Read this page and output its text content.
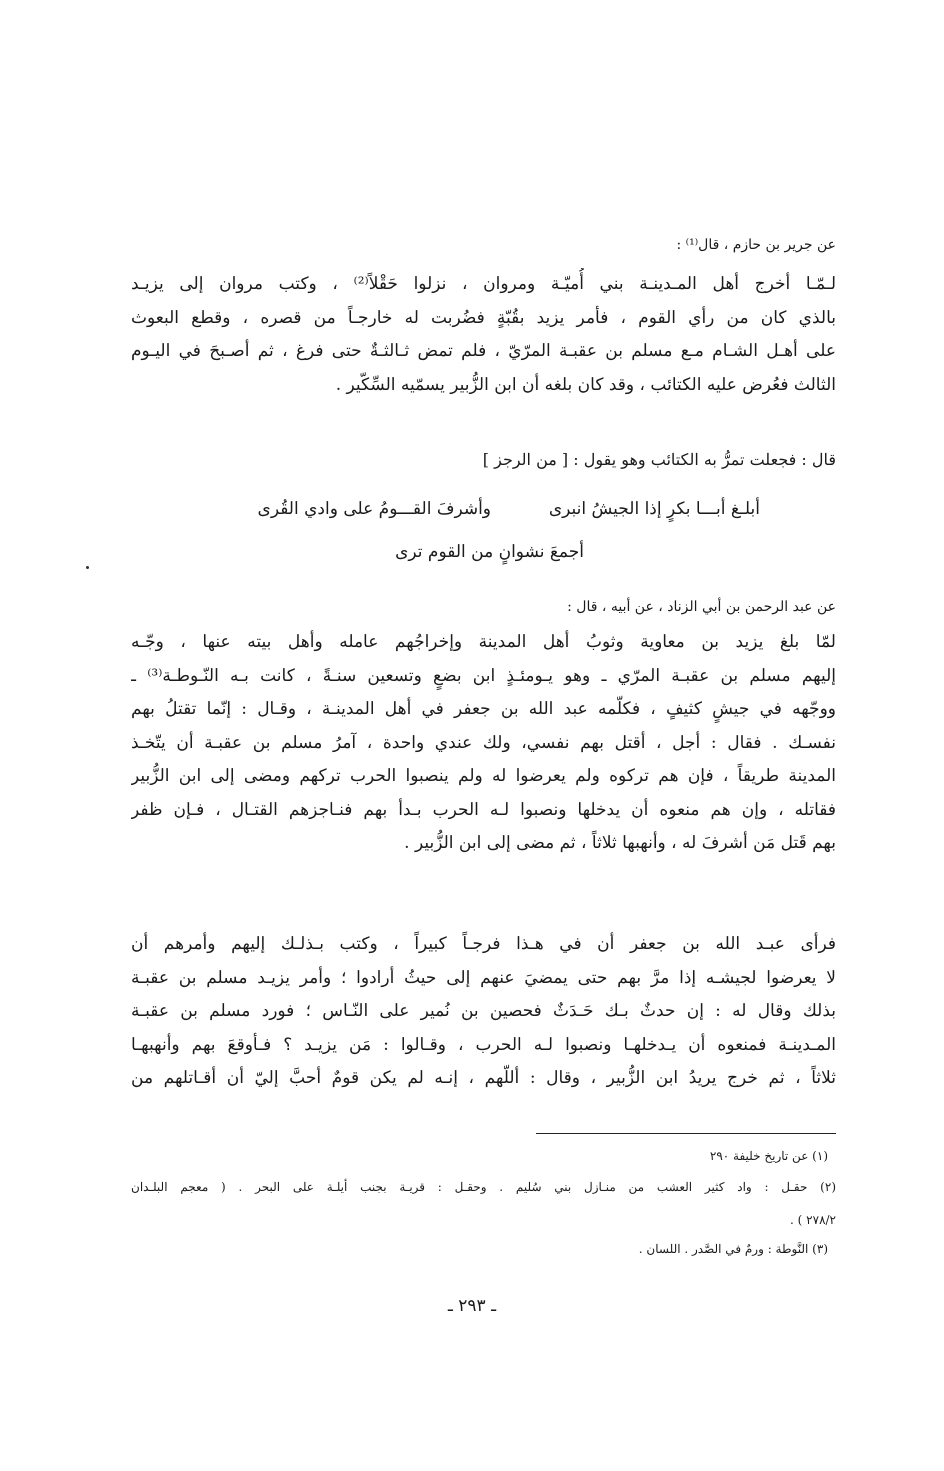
عن جرير بن حازم ، قال⁽¹⁾ :
لـمّـا أخرج أهل المـدينـة بني أُميّـة ومروان ، نزلوا حَقْلاً⁽²⁾ ، وكتب مروان إلى يزيـد
بالذي كان من رأي القوم ، فأمر يزيد بقُبّةٍ فضُربت له خارجـاً من قصره ، وقطع البعوث
على أهـل الشـام مـع مسلم بن عقبـة المرّيّ ، فلم تمض ثـالثـةٌ حتى فرغ ، ثم أصـبحَ في اليـوم
الثالث فعُرض عليه الكتائب ، وقد كان بلغه أن ابن الزُّبير يسمّيه السِّكّير .
قال : فجعلت تمرُّ به الكتائب وهو يقول : [ من الرجز ]
أبلـغ أبـــا بكرٍ إذا الجيشُ انبرى
وأشرفَ القـــومُ على وادي القُرى
أجمعَ نشوانٍ من القوم ترى
عن عبد الرحمن بن أبي الزناد ، عن أبيه ، قال :
لمّا بلغ يزيد بن معاوية وثوبُ أهل المدينة وإخراجُهم عامله وأهل بيته عنها ، وجّـه
إليهم مسلم بن عقبـة المرّي ـ وهو يـومئـذٍ ابن بضعٍ وتسعين سنـةً ، كانت بـه النّـوطـة⁽³⁾ ـ
ووجّهه في جيشٍ كثيفٍ ، فكلّمه عبد الله بن جعفر في أهل المدينـة ، وقـال : إنّما تقتلُ بهم
نفسـك . فقال : أجل ، أقتل بهم نفسي، ولك عندي واحدة ، آمرُ مسلم بن عقبـة أن يتّخـذ
المدينة طريقاً ، فإن هم تركوه ولم يعرضوا له ولم ينصبوا الحرب تركهم ومضى إلى ابن الزُّبير
فقاتله ، وإن هم منعوه أن يدخلها ونصبوا لـه الحرب بـدأ بهم فنـاجزهم القتـال ، فـإن ظفر
بهم قَتل مَن أشرفَ له ، وأنهبها ثلاثاً ، ثم مضى إلى ابن الزُّبير .
فرأى عبـد الله بن جعفر أن في هـذا فرجـاً كبيراً ، وكتب بـذلـك إليهم وأمرهم أن
لا يعرضوا لجيشـه إذا مرَّ بهم حتى يمضيَ عنهم إلى حيثُ أرادوا ؛ وأمر يزيـد مسلم بن عقبـة
بذلك وقال له : إن حدثٌ بـك حَـدَثٌ فحصين بن نُمير على النّـاس ؛ فورد مسلم بن عقبـة
المـدينـة فمنعوه أن يـدخلهـا ونصبوا لـه الحرب ، وقـالوا : مَن يزيـد ؟ فـأوقعَ بهم وأنهبهـا
ثلاثاً ، ثم خرج يريدُ ابن الزُّبير ، وقال : أللّهم ، إنـه لم يكن قومٌ أحبَّ إليّ أن أقـاتلهم من
(١) عن تاريخ خليفة ٢٩٠
(٢) حقـل : واد كثير العشب من منـازل بني سُليم . وحقـل : قريـة بجنب أيلـة على البحر . ( معجم البلـدان
٢٧٨/٢ ) .
(٣) النَّوطة : ورمٌ في الصَّدر . اللسان .
ـ ٢٩٣ ـ
